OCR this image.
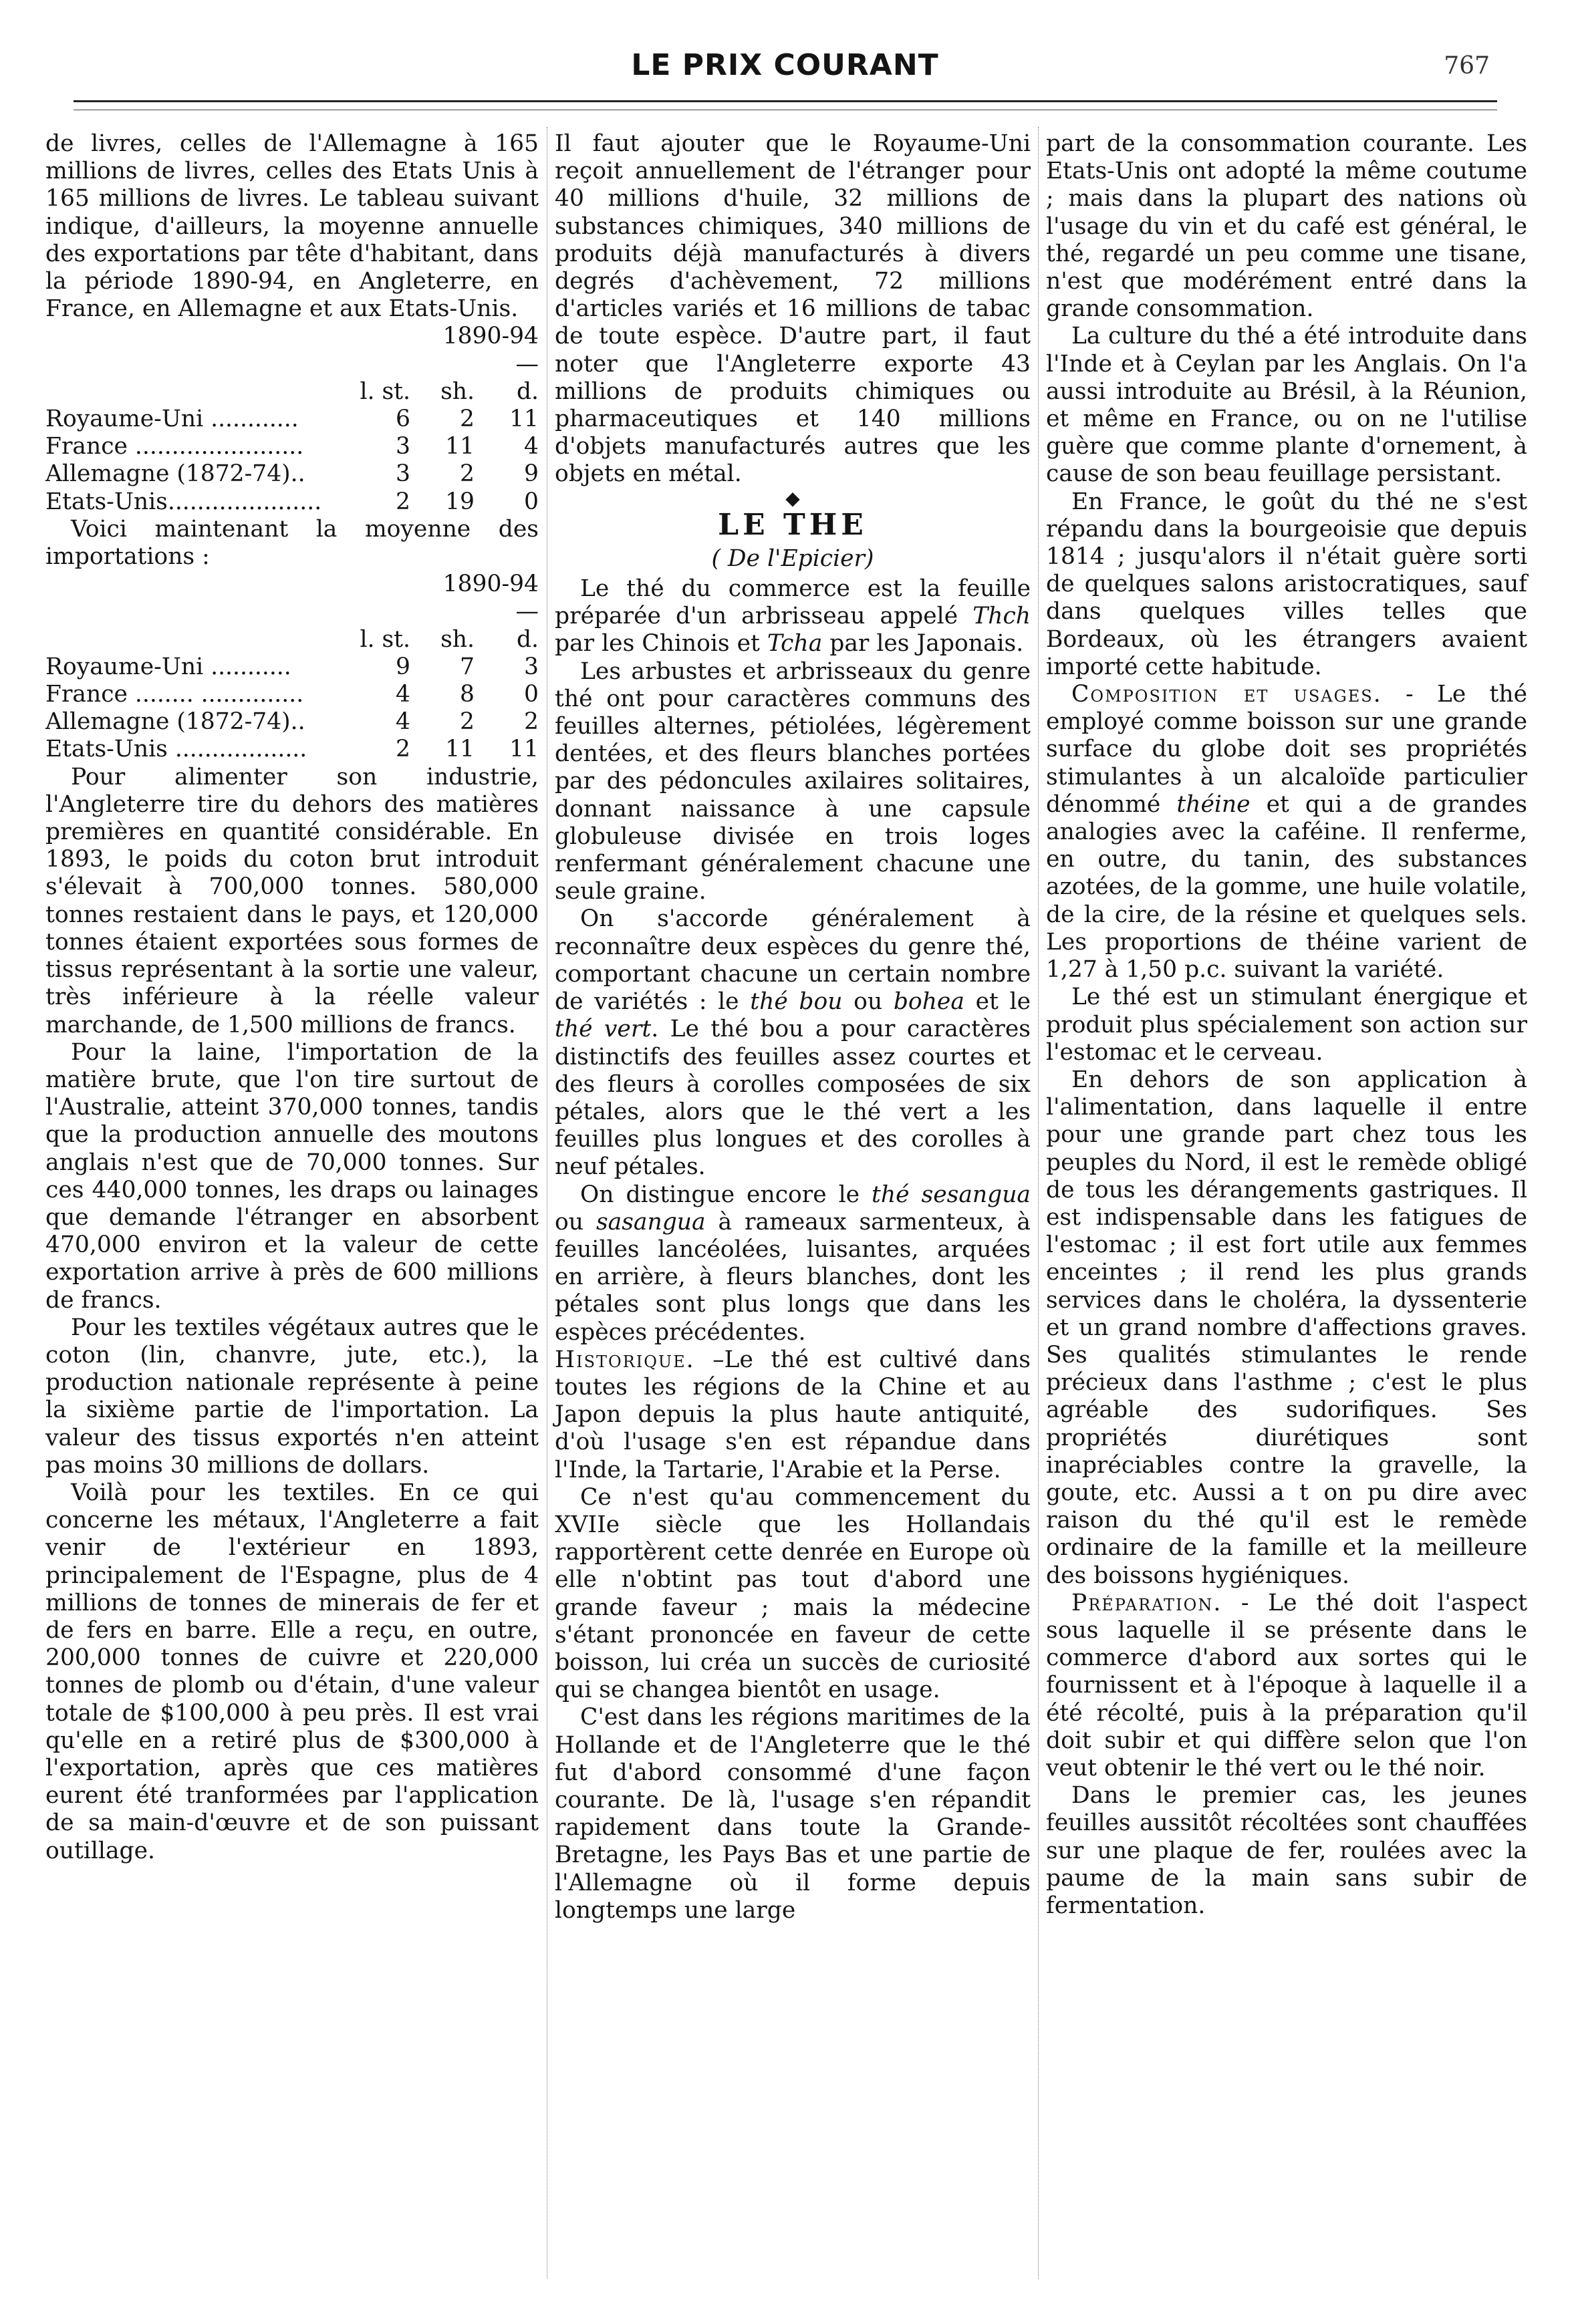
LE PRIX COURANT	767

de livres, celles de l'Allemagne à 165 millions de livres, celles des Etats Unis à 165 millions de livres. Le tableau suivant indique, d'ailleurs, la moyenne annuelle des exportations par tête d'habitant, dans la période 1890-94, en Angleterre, en France, en Allemagne et aux Etats-Unis.

	1890-94		
	—		
	l. st.	sh.	d.
Royaume-Uni ............	6	2	11
France .......................	3	11	4
Allemagne (1872-74)..	3	2	9
Etats-Unis.....................	2	19	0

Voici maintenant la moyenne des importations :

	1890-94		
	—		
	l. st.	sh.	d.
Royaume-Uni ...........	9	7	3
France ........ ..............	4	8	0
Allemagne (1872-74)..	4	2	2
Etats-Unis ..................	2	11	11

Pour alimenter son industrie, l'Angleterre tire du dehors des matières premières en quantité considérable. En 1893, le poids du coton brut introduit s'élevait à 700,000 tonnes. 580,000 tonnes restaient dans le pays, et 120,000 tonnes étaient exportées sous formes de tissus représentant à la sortie une valeur, très inférieure à la réelle valeur marchande, de 1,500 millions de francs.

Pour la laine, l'importation de la matière brute, que l'on tire surtout de l'Australie, atteint 370,000 tonnes, tandis que la production annuelle des moutons anglais n'est que de 70,000 tonnes. Sur ces 440,000 tonnes, les draps ou lainages que demande l'étranger en absorbent 470,000 environ et la valeur de cette exportation arrive à près de 600 millions de francs.

Pour les textiles végétaux autres que le coton (lin, chanvre, jute, etc.), la production nationale représente à peine la sixième partie de l'importation. La valeur des tissus exportés n'en atteint pas moins 30 millions de dollars.

Voilà pour les textiles. En ce qui concerne les métaux, l'Angleterre a fait venir de l'extérieur en 1893, principalement de l'Espagne, plus de 4 millions de tonnes de minerais de fer et de fers en barre. Elle a reçu, en outre, 200,000 tonnes de cuivre et 220,000 tonnes de plomb ou d'étain, d'une valeur totale de $100,000 à peu près. Il est vrai qu'elle en a retiré plus de $300,000 à l'exportation, après que ces matières eurent été tranformées par l'application de sa main-d'œuvre et de son puissant outillage.

Il faut ajouter que le Royaume-Uni reçoit annuellement de l'étranger pour 40 millions d'huile, 32 millions de substances chimiques, 340 millions de produits déjà manufacturés à divers degrés d'achèvement, 72 millions d'articles variés et 16 millions de tabac de toute espèce. D'autre part, il faut noter que l'Angleterre exporte 43 millions de produits chimiques ou pharmaceutiques et 140 millions d'objets manufacturés autres que les objets en métal.

◆
LE THE
( De l'Epicier)

Le thé du commerce est la feuille préparée d'un arbrisseau appelé Thch par les Chinois et Tcha par les Japonais.

Les arbustes et arbrisseaux du genre thé ont pour caractères communs des feuilles alternes, pétiolées, légèrement dentées, et des fleurs blanches portées par des pédoncules axilaires solitaires, donnant naissance à une capsule globuleuse divisée en trois loges renfermant généralement chacune une seule graine.

On s'accorde généralement à reconnaître deux espèces du genre thé, comportant chacune un certain nombre de variétés : le thé bou ou bohea et le thé vert. Le thé bou a pour caractères distinctifs des feuilles assez courtes et des fleurs à corolles composées de six pétales, alors que le thé vert a les feuilles plus longues et des corolles à neuf pétales.

On distingue encore le thé sesangua ou sasangua à rameaux sarmenteux, à feuilles lancéolées, luisantes, arquées en arrière, à fleurs blanches, dont les pétales sont plus longs que dans les espèces précédentes.

Historique. –Le thé est cultivé dans toutes les régions de la Chine et au Japon depuis la plus haute antiquité, d'où l'usage s'en est répandue dans l'Inde, la Tartarie, l'Arabie et la Perse.

Ce n'est qu'au commencement du XVIIe siècle que les Hollandais rapportèrent cette denrée en Europe où elle n'obtint pas tout d'abord une grande faveur ; mais la médecine s'étant prononcée en faveur de cette boisson, lui créa un succès de curiosité qui se changea bientôt en usage.

C'est dans les régions maritimes de la Hollande et de l'Angleterre que le thé fut d'abord consommé d'une façon courante. De là, l'usage s'en répandit rapidement dans toute la Grande-Bretagne, les Pays Bas et une partie de l'Allemagne où il forme depuis longtemps une large

part de la consommation courante. Les Etats-Unis ont adopté la même coutume ; mais dans la plupart des nations où l'usage du vin et du café est général, le thé, regardé un peu comme une tisane, n'est que modérément entré dans la grande consommation.

La culture du thé a été introduite dans l'Inde et à Ceylan par les Anglais. On l'a aussi introduite au Brésil, à la Réunion, et même en France, ou on ne l'utilise guère que comme plante d'ornement, à cause de son beau feuillage persistant.

En France, le goût du thé ne s'est répandu dans la bourgeoisie que depuis 1814 ; jusqu'alors il n'était guère sorti de quelques salons aristocratiques, sauf dans quelques villes telles que Bordeaux, où les étrangers avaient importé cette habitude.

Composition et usages. - Le thé employé comme boisson sur une grande surface du globe doit ses propriétés stimulantes à un alcaloïde particulier dénommé théine et qui a de grandes analogies avec la caféine. Il renferme, en outre, du tanin, des substances azotées, de la gomme, une huile volatile, de la cire, de la résine et quelques sels. Les proportions de théine varient de 1,27 à 1,50 p.c. suivant la variété.

Le thé est un stimulant énergique et produit plus spécialement son action sur l'estomac et le cerveau.

En dehors de son application à l'alimentation, dans laquelle il entre pour une grande part chez tous les peuples du Nord, il est le remède obligé de tous les dérangements gastriques. Il est indispensable dans les fatigues de l'estomac ; il est fort utile aux femmes enceintes ; il rend les plus grands services dans le choléra, la dyssenterie et un grand nombre d'affections graves. Ses qualités stimulantes le rende précieux dans l'asthme ; c'est le plus agréable des sudorifiques. Ses propriétés diurétiques sont inapréciables contre la gravelle, la goute, etc. Aussi a t on pu dire avec raison du thé qu'il est le remède ordinaire de la famille et la meilleure des boissons hygiéniques.

Préparation. - Le thé doit l'aspect sous laquelle il se présente dans le commerce d'abord aux sortes qui le fournissent et à l'époque à laquelle il a été récolté, puis à la préparation qu'il doit subir et qui diffère selon que l'on veut obtenir le thé vert ou le thé noir.

Dans le premier cas, les jeunes feuilles aussitôt récoltées sont chauffées sur une plaque de fer, roulées avec la paume de la main sans subir de fermentation.
